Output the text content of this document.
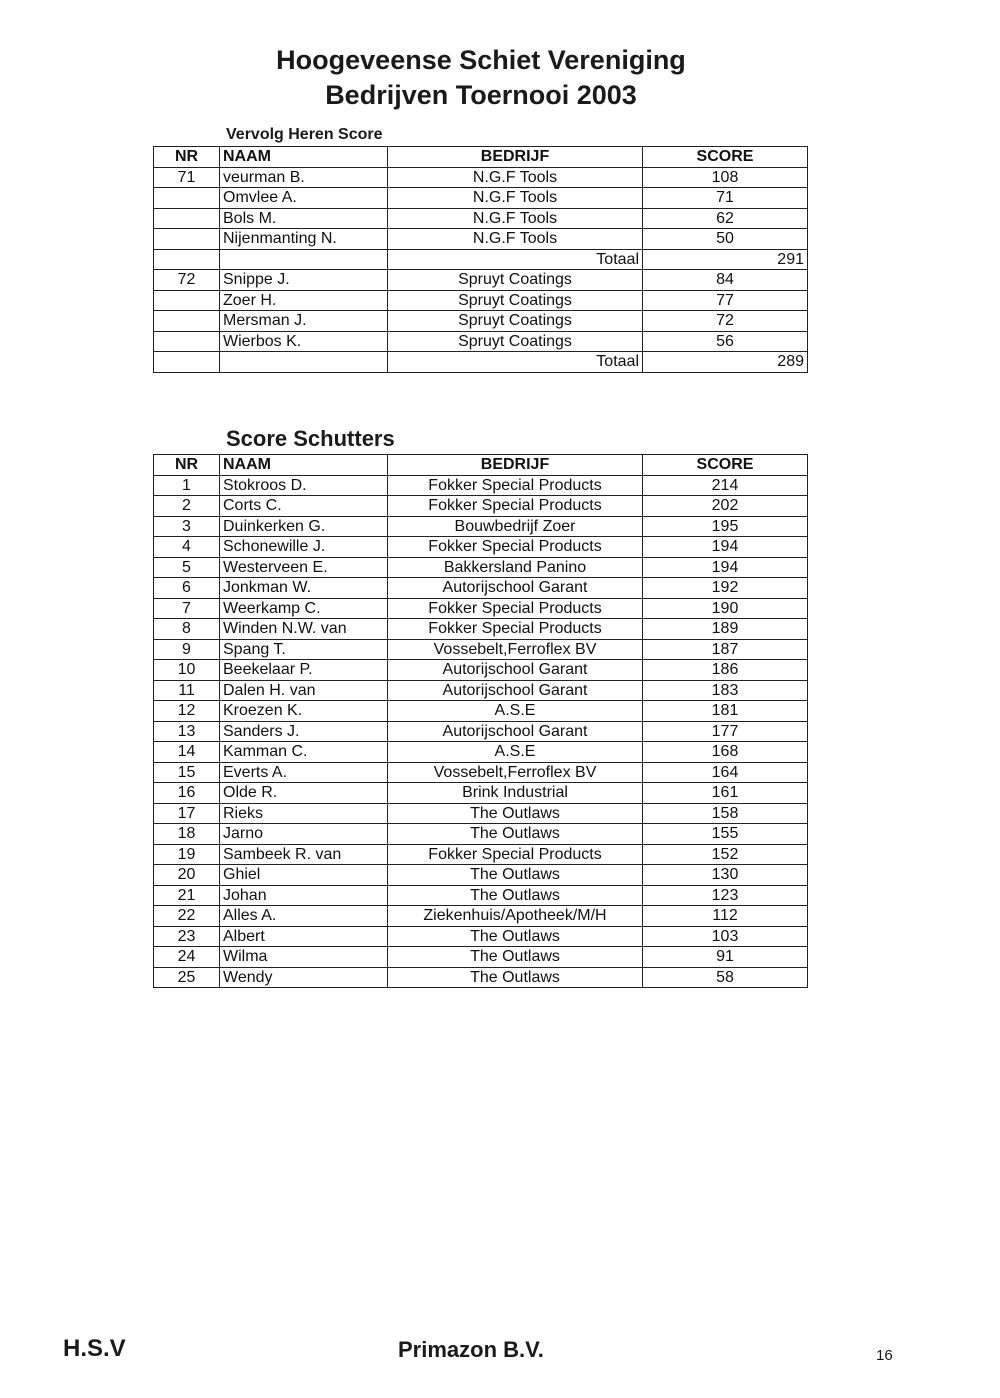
Hoogeveense Schiet Vereniging
Bedrijven Toernooi 2003
Vervolg Heren Score
NR	NAAM	BEDRIJF	SCORE
71	veurman B.	N.G.F Tools	108
	Omvlee A.	N.G.F Tools	71
	Bols M.	N.G.F Tools	62
	Nijenmanting N.	N.G.F Tools	50
		Totaal	291
72	Snippe J.	Spruyt Coatings	84
	Zoer H.	Spruyt Coatings	77
	Mersman J.	Spruyt Coatings	72
	Wierbos K.	Spruyt Coatings	56
		Totaal	289
Score Schutters
NR	NAAM	BEDRIJF	SCORE
1	Stokroos D.	Fokker Special Products	214
2	Corts C.	Fokker Special Products	202
3	Duinkerken G.	Bouwbedrijf Zoer	195
4	Schonewille J.	Fokker Special Products	194
5	Westerveen E.	Bakkersland Panino	194
6	Jonkman W.	Autorijschool Garant	192
7	Weerkamp C.	Fokker Special Products	190
8	Winden N.W. van	Fokker Special Products	189
9	Spang T.	Vossebelt,Ferroflex BV	187
10	Beekelaar P.	Autorijschool Garant	186
11	Dalen H. van	Autorijschool Garant	183
12	Kroezen K.	A.S.E	181
13	Sanders J.	Autorijschool Garant	177
14	Kamman C.	A.S.E	168
15	Everts A.	Vossebelt,Ferroflex BV	164
16	Olde R.	Brink Industrial	161
17	Rieks	The Outlaws	158
18	Jarno	The Outlaws	155
19	Sambeek R. van	Fokker Special Products	152
20	Ghiel	The Outlaws	130
21	Johan	The Outlaws	123
22	Alles A.	Ziekenhuis/Apotheek/M/H	112
23	Albert	The Outlaws	103
24	Wilma	The Outlaws	91
25	Wendy	The Outlaws	58
H.S.V	Primazon B.V.	16
